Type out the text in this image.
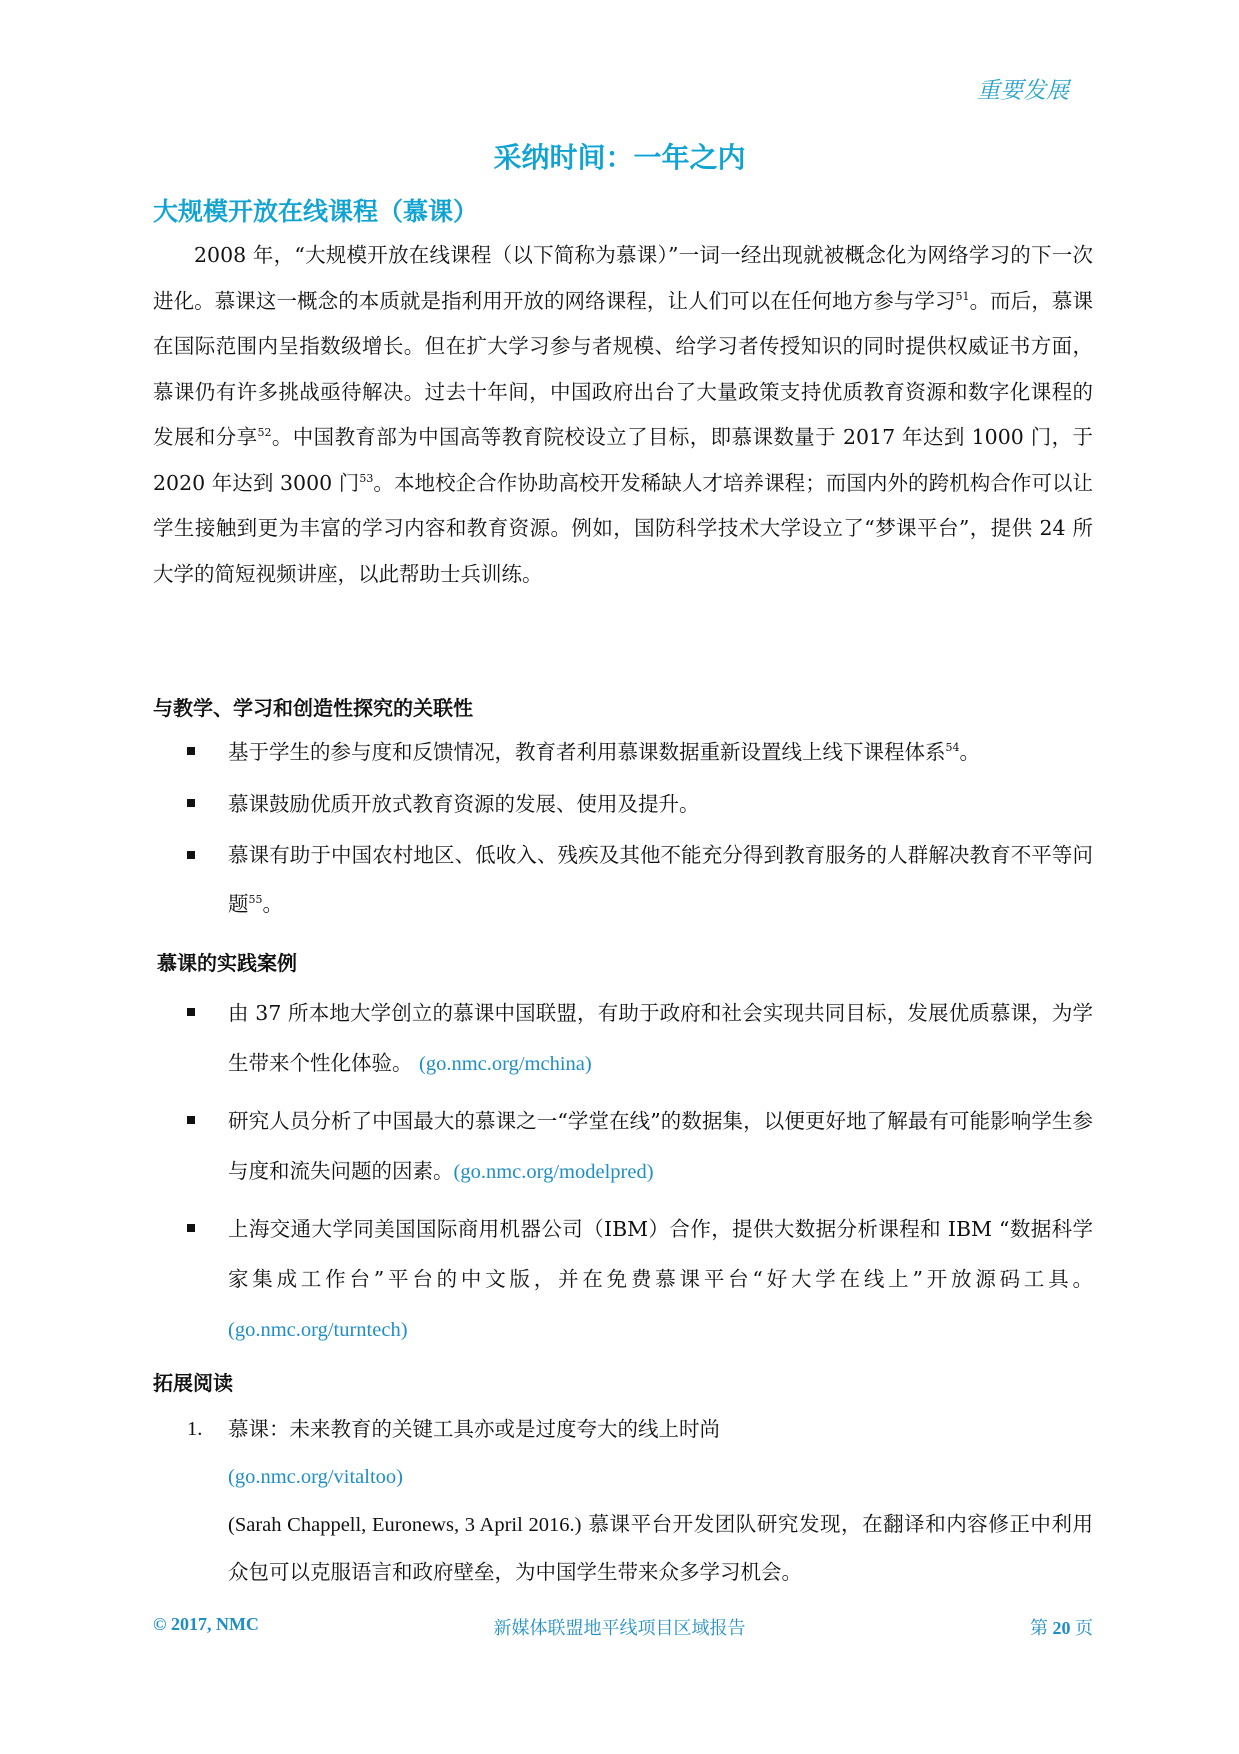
重要发展
采纳时间：一年之内
大规模开放在线课程（慕课）

2008 年，“大规模开放在线课程（以下简称为慕课）”一词一经出现就被概念化为网络学习的下一次进化。慕课这一概念的本质就是指利用开放的网络课程，让人们可以在任何地方参与学习$^{51}$。而后，慕课在国际范围内呈指数级增长。但在扩大学习参与者规模、给学习者传授知识的同时提供权威证书方面，慕课仍有许多挑战亟待解决。过去十年间，中国政府出台了大量政策支持优质教育资源和数字化课程的发展和分享$^{52}$。中国教育部为中国高等教育院校设立了目标，即慕课数量于 2017 年达到 1000 门，于 2020 年达到 3000 门$^{53}$。本地校企合作协助高校开发稀缺人才培养课程；而国内外的跨机构合作可以让学生接触到更为丰富的学习内容和教育资源。例如，国防科学技术大学设立了“梦课平台”，提供 24 所大学的简短视频讲座，以此帮助士兵训练。

与教学、学习和创造性探究的关联性
基于学生的参与度和反馈情况，教育者利用慕课数据重新设置线上线下课程体系$^{54}$。
慕课鼓励优质开放式教育资源的发展、使用及提升。
慕课有助于中国农村地区、低收入、残疾及其他不能充分得到教育服务的人群解决教育不平等问题$^{55}$。
慕课的实践案例
由 37 所本地大学创立的慕课中国联盟，有助于政府和社会实现共同目标，发展优质慕课，为学生带来个性化体验。 (go.nmc.org/mchina)
研究人员分析了中国最大的慕课之一“学堂在线”的数据集，以便更好地了解最有可能影响学生参与度和流失问题的因素。(go.nmc.org/modelpred)
上海交通大学同美国国际商用机器公司（IBM）合作，提供大数据分析课程和 IBM “数据科学家集成工作台”平台的中文版，并在免费慕课平台“好大学在线上”开放源码工具。 (go.nmc.org/turntech)
拓展阅读
1. 慕课：未来教育的关键工具亦或是过度夸大的线上时尚
(go.nmc.org/vitaltoo)
(Sarah Chappell, Euronews, 3 April 2016.) 慕课平台开发团队研究发现，在翻译和内容修正中利用众包可以克服语言和政府壁垒，为中国学生带来众多学习机会。
© 2017, NMC	新媒体联盟地平线项目区域报告	第 20 页
